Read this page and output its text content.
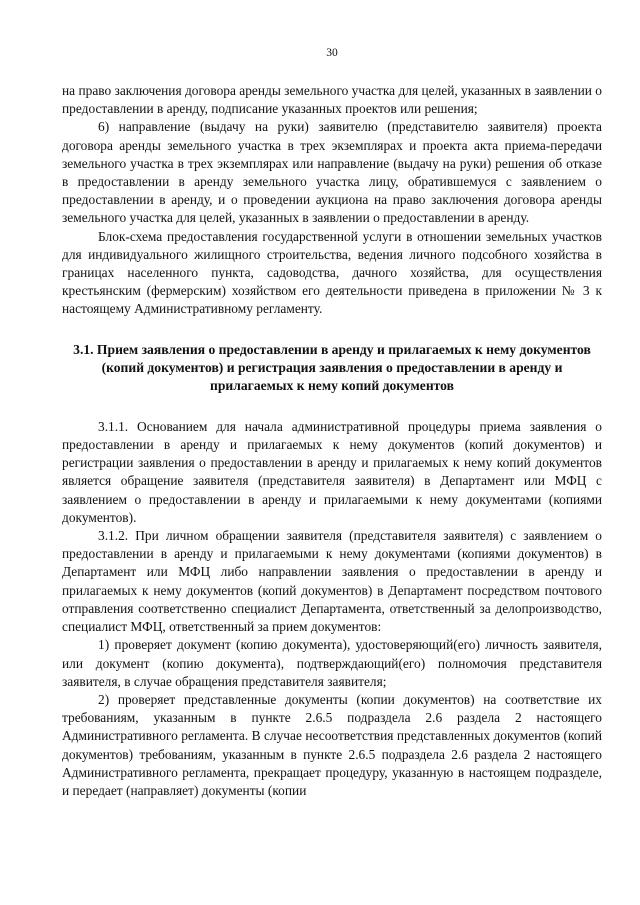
30

на право заключения договора аренды земельного участка для целей, указанных в заявлении о предоставлении в аренду, подписание указанных проектов или решения;

6) направление (выдачу на руки) заявителю (представителю заявителя) проекта договора аренды земельного участка в трех экземплярах и проекта акта приема-передачи земельного участка в трех экземплярах или направление (выдачу на руки) решения об отказе в предоставлении в аренду земельного участка лицу, обратившемуся с заявлением о предоставлении в аренду, и о проведении аукциона на право заключения договора аренды земельного участка для целей, указанных в заявлении о предоставлении в аренду.

Блок-схема предоставления государственной услуги в отношении земельных участков для индивидуального жилищного строительства, ведения личного подсобного хозяйства в границах населенного пункта, садоводства, дачного хозяйства, для осуществления крестьянским (фермерским) хозяйством его деятельности приведена в приложении № 3 к настоящему Административному регламенту.

3.1. Прием заявления о предоставлении в аренду и прилагаемых к нему документов (копий документов) и регистрация заявления о предоставлении в аренду и прилагаемых к нему копий документов

3.1.1. Основанием для начала административной процедуры приема заявления о предоставлении в аренду и прилагаемых к нему документов (копий документов) и регистрации заявления о предоставлении в аренду и прилагаемых к нему копий документов является обращение заявителя (представителя заявителя) в Департамент или МФЦ с заявлением о предоставлении в аренду и прилагаемыми к нему документами (копиями документов).

3.1.2. При личном обращении заявителя (представителя заявителя) с заявлением о предоставлении в аренду и прилагаемыми к нему документами (копиями документов) в Департамент или МФЦ либо направлении заявления о предоставлении в аренду и прилагаемых к нему документов (копий документов) в Департамент посредством почтового отправления соответственно специалист Департамента, ответственный за делопроизводство, специалист МФЦ, ответственный за прием документов:

1) проверяет документ (копию документа), удостоверяющий(его) личность заявителя, или документ (копию документа), подтверждающий(его) полномочия представителя заявителя, в случае обращения представителя заявителя;

2) проверяет представленные документы (копии документов) на соответствие их требованиям, указанным в пункте 2.6.5 подраздела 2.6 раздела 2 настоящего Административного регламента. В случае несоответствия представленных документов (копий документов) требованиям, указанным в пункте 2.6.5 подраздела 2.6 раздела 2 настоящего Административного регламента, прекращает процедуру, указанную в настоящем подразделе, и передает (направляет) документы (копии
